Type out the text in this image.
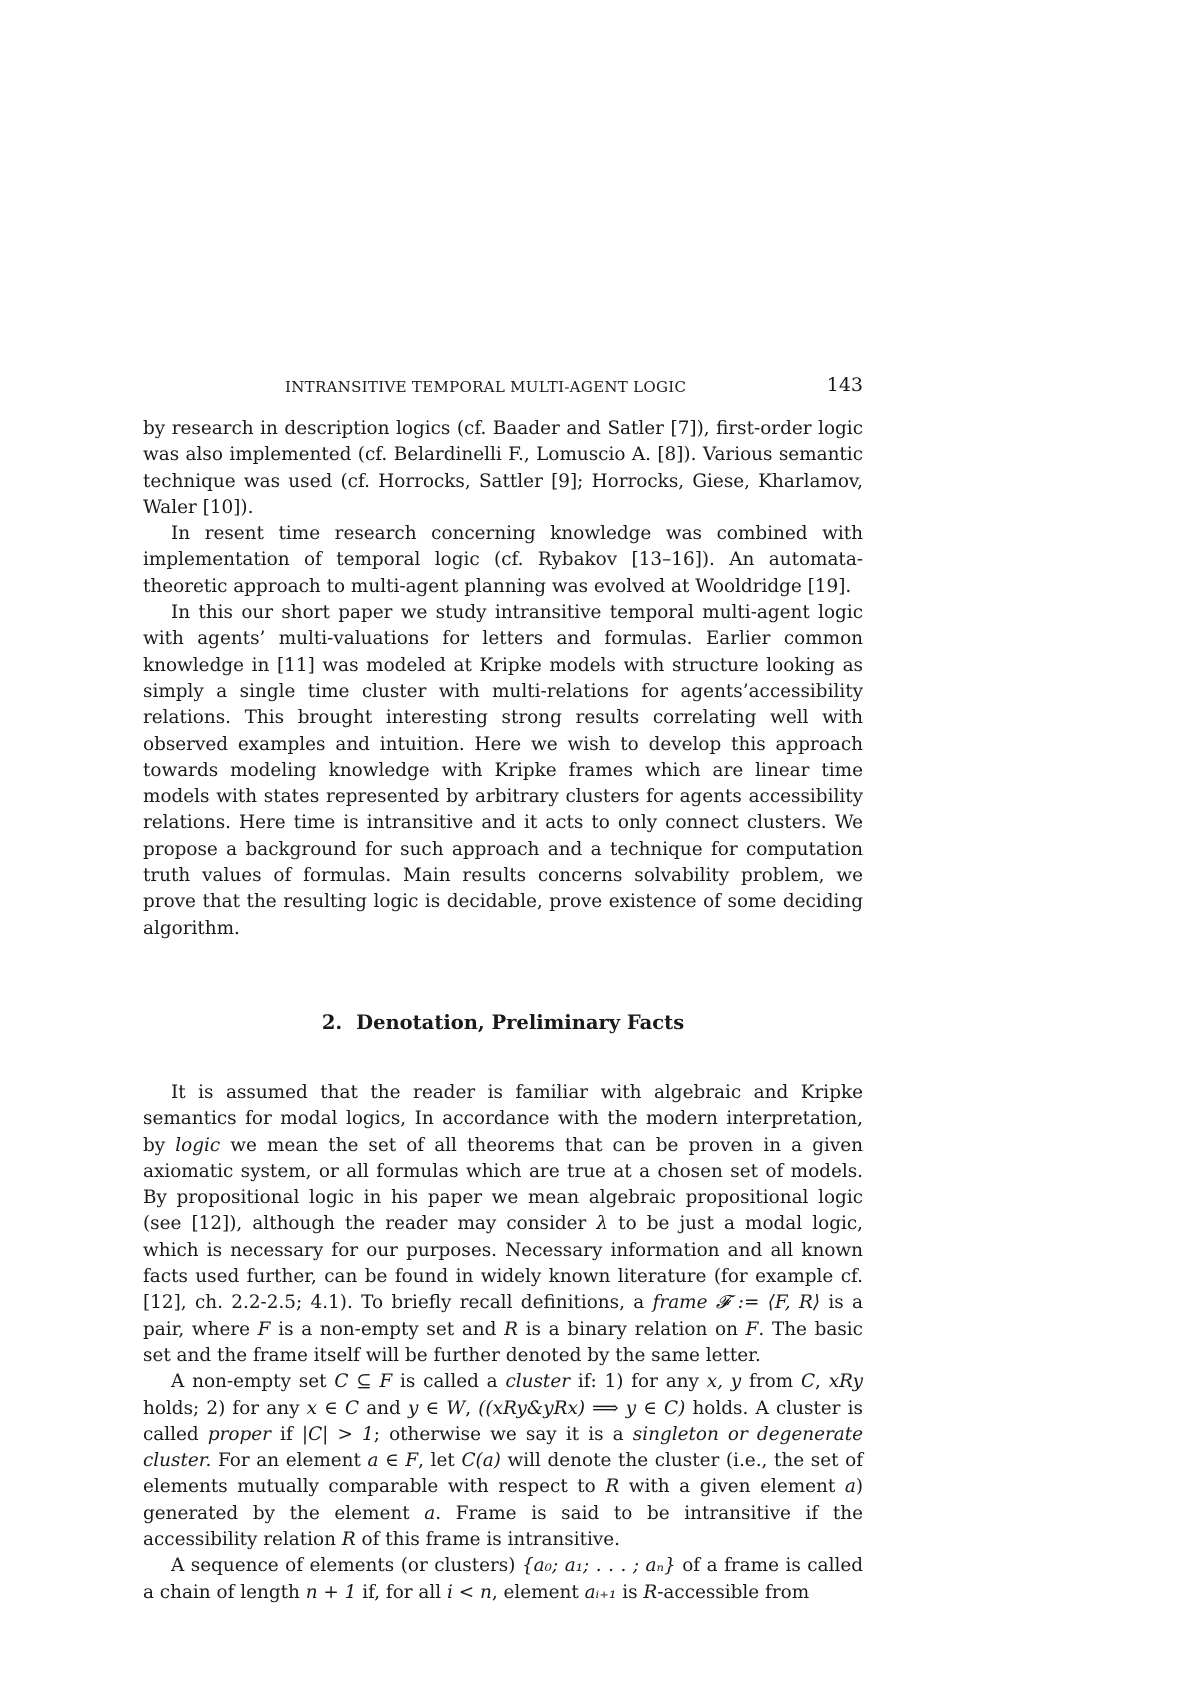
INTRANSITIVE TEMPORAL MULTI-AGENT LOGIC	143

by research in description logics (cf. Baader and Satler [7]), first-order logic was also implemented (cf. Belardinelli F., Lomuscio A. [8]). Various semantic technique was used (cf. Horrocks, Sattler [9]; Horrocks, Giese, Kharlamov, Waler [10]).

In resent time research concerning knowledge was combined with implementation of temporal logic (cf. Rybakov [13–16]). An automata-theoretic approach to multi-agent planning was evolved at Wooldridge [19].

In this our short paper we study intransitive temporal multi-agent logic with agents’ multi-valuations for letters and formulas. Earlier common knowledge in [11] was modeled at Kripke models with structure looking as simply a single time cluster with multi-relations for agents’accessibility relations. This brought interesting strong results correlating well with observed examples and intuition. Here we wish to develop this approach towards modeling knowledge with Kripke frames which are linear time models with states represented by arbitrary clusters for agents accessibility relations. Here time is intransitive and it acts to only connect clusters. We propose a background for such approach and a technique for computation truth values of formulas. Main results concerns solvability problem, we prove that the resulting logic is decidable, prove existence of some deciding algorithm.

2. Denotation, Preliminary Facts

It is assumed that the reader is familiar with algebraic and Kripke semantics for modal logics, In accordance with the modern interpretation, by logic we mean the set of all theorems that can be proven in a given axiomatic system, or all formulas which are true at a chosen set of models. By propositional logic in his paper we mean algebraic propositional logic (see [12]), although the reader may consider λ to be just a modal logic, which is necessary for our purposes. Necessary information and all known facts used further, can be found in widely known literature (for example cf. [12], ch. 2.2-2.5; 4.1). To briefly recall definitions, a frame 𝓕 := ⟨F, R⟩ is a pair, where F is a non-empty set and R is a binary relation on F. The basic set and the frame itself will be further denoted by the same letter.

A non-empty set C ⊆ F is called a cluster if: 1) for any x, y from C, xRy holds; 2) for any x ∈ C and y ∈ W, ((xRy&yRx) ⟹ y ∈ C) holds. A cluster is called proper if |C| > 1; otherwise we say it is a singleton or degenerate cluster. For an element a ∈ F, let C(a) will denote the cluster (i.e., the set of elements mutually comparable with respect to R with a given element a) generated by the element a. Frame is said to be intransitive if the accessibility relation R of this frame is intransitive.

A sequence of elements (or clusters) {a₀; a₁; . . . ; aₙ} of a frame is called a chain of length n + 1 if, for all i < n, element aᵢ₊₁ is R-accessible from
